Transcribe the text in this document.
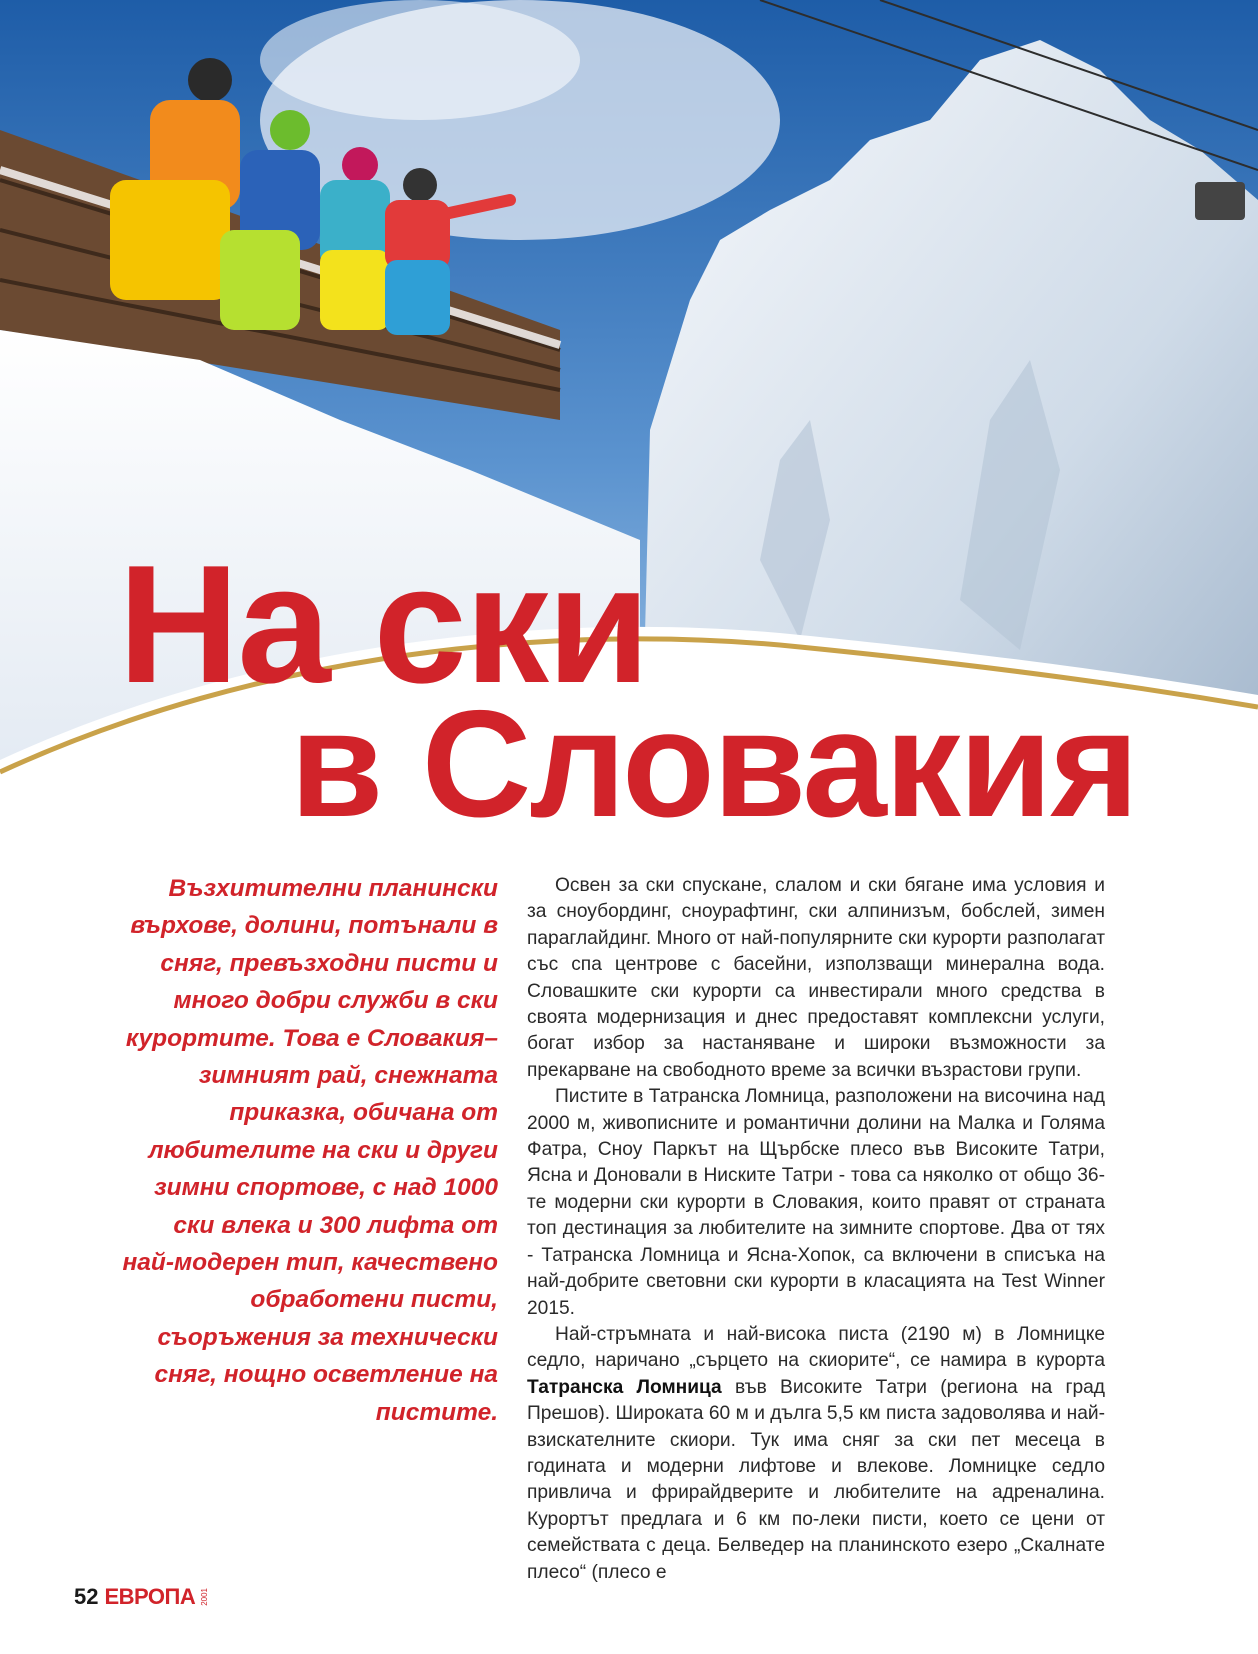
На ски
в Словакия
Възхитителни планински върхове, долини, потънали в сняг, превъзходни писти и много добри служби в ски курортите. Това е Словакия– зимният рай, снежната приказка, обичана от любителите на ски и други зимни спортове, с над 1000 ски влека и 300 лифта от най-модерен тип, качествено обработени писти, съоръжения за технически сняг, нощно осветление на пистите.

Освен за ски спускане, слалом и ски бягане има условия и за сноубординг, сноурафтинг, ски алпинизъм, бобслей, зимен параглайдинг. Много от най-популярните ски курорти разполагат със спа центрове с басейни, използващи минерална вода. Словашките ски курорти са инвестирали много средства в своята модернизация и днес предоставят комплексни услуги, богат избор за настаняване и широки възможности за прекарване на свободното време за всички възрастови групи.

Пистите в Татранска Ломница, разположени на височина над 2000 м, живописните и романтични долини на Малка и Голяма Фатра, Сноу Паркът на Щърбске плесо във Високите Татри, Ясна и Доновали в Ниските Татри - това са няколко от общо 36-те модерни ски курорти в Словакия, които правят от страната топ дестинация за любителите на зимните спортове. Два от тях - Татранска Ломница и Ясна-Хопок, са включени в списъка на най-добрите световни ски курорти в класацията на Test Winner 2015.

Най-стръмната и най-висока писта (2190 м) в Ломницке седло, наричано „сърцето на скиорите“, се намира в курорта Татранска Ломница във Високите Татри (региона на град Прешов). Широката 60 м и дълга 5,5 км писта задоволява и най-взискателните скиори. Тук има сняг за ски пет месеца в годината и модерни лифтове и влекове. Ломницке седло привлича и фрирайдверите и любителите на адреналина. Курортът предлага и 6 км по-леки писти, което се цени от семействата с деца. Белведер на планинското езеро „Скалнате плесо“ (плесо е

52 ЕВРОПА 2001
